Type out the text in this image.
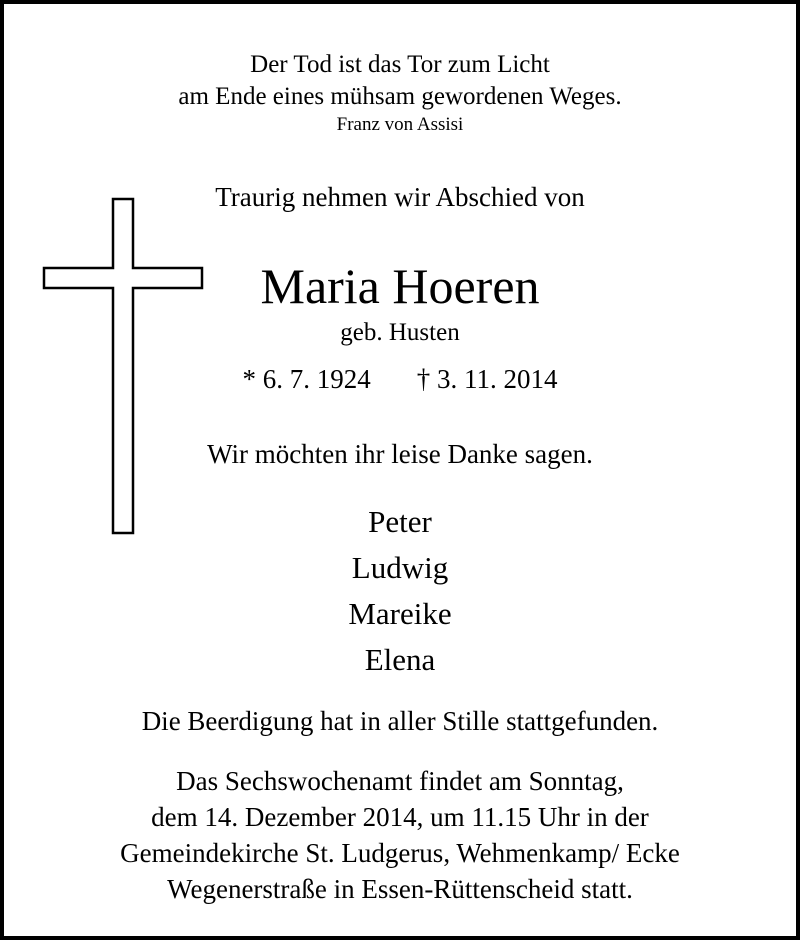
Der Tod ist das Tor zum Licht
am Ende eines mühsam gewordenen Weges.
Franz von Assisi
Traurig nehmen wir Abschied von
Maria Hoeren
geb. Husten
* 6. 7. 1924 † 3. 11. 2014
Wir möchten ihr leise Danke sagen.
Peter
Ludwig
Mareike
Elena
Die Beerdigung hat in aller Stille stattgefunden.
Das Sechswochenamt findet am Sonntag,
dem 14. Dezember 2014, um 11.15 Uhr in der
Gemeindekirche St. Ludgerus, Wehmenkamp/ Ecke
Wegenerstraße in Essen-Rüttenscheid statt.
